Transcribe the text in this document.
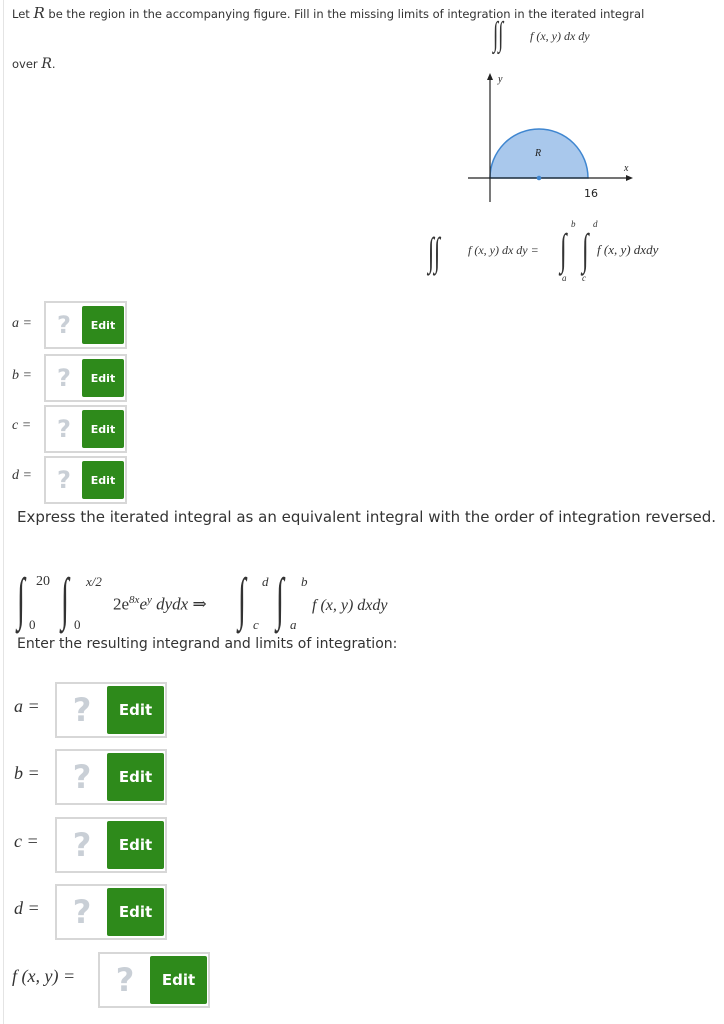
Let R be the region in the accompanying figure. Fill in the missing limits of integration in the iterated integral
∫∫ f (x, y) dx dy
over R.
y
x
R
16
∫∫ f (x, y) dx dy = ∫ ∫
b d
a c
f (x, y) dxdy
a =	?	Edit
b =	?	Edit
c =	?	Edit
d =	?	Edit
Express the iterated integral as an equivalent integral with the order of integration reversed.
∫ 20
0 ∫ x/2
0
$2e^{8x}e^y$ dydx ⇒ ∫ d
c ∫ b
a
f (x, y) dxdy
Enter the resulting integrand and limits of integration:
a =	?	Edit
b =	?	Edit
c =	?	Edit
d =	?	Edit
f (x, y) =	?	Edit
